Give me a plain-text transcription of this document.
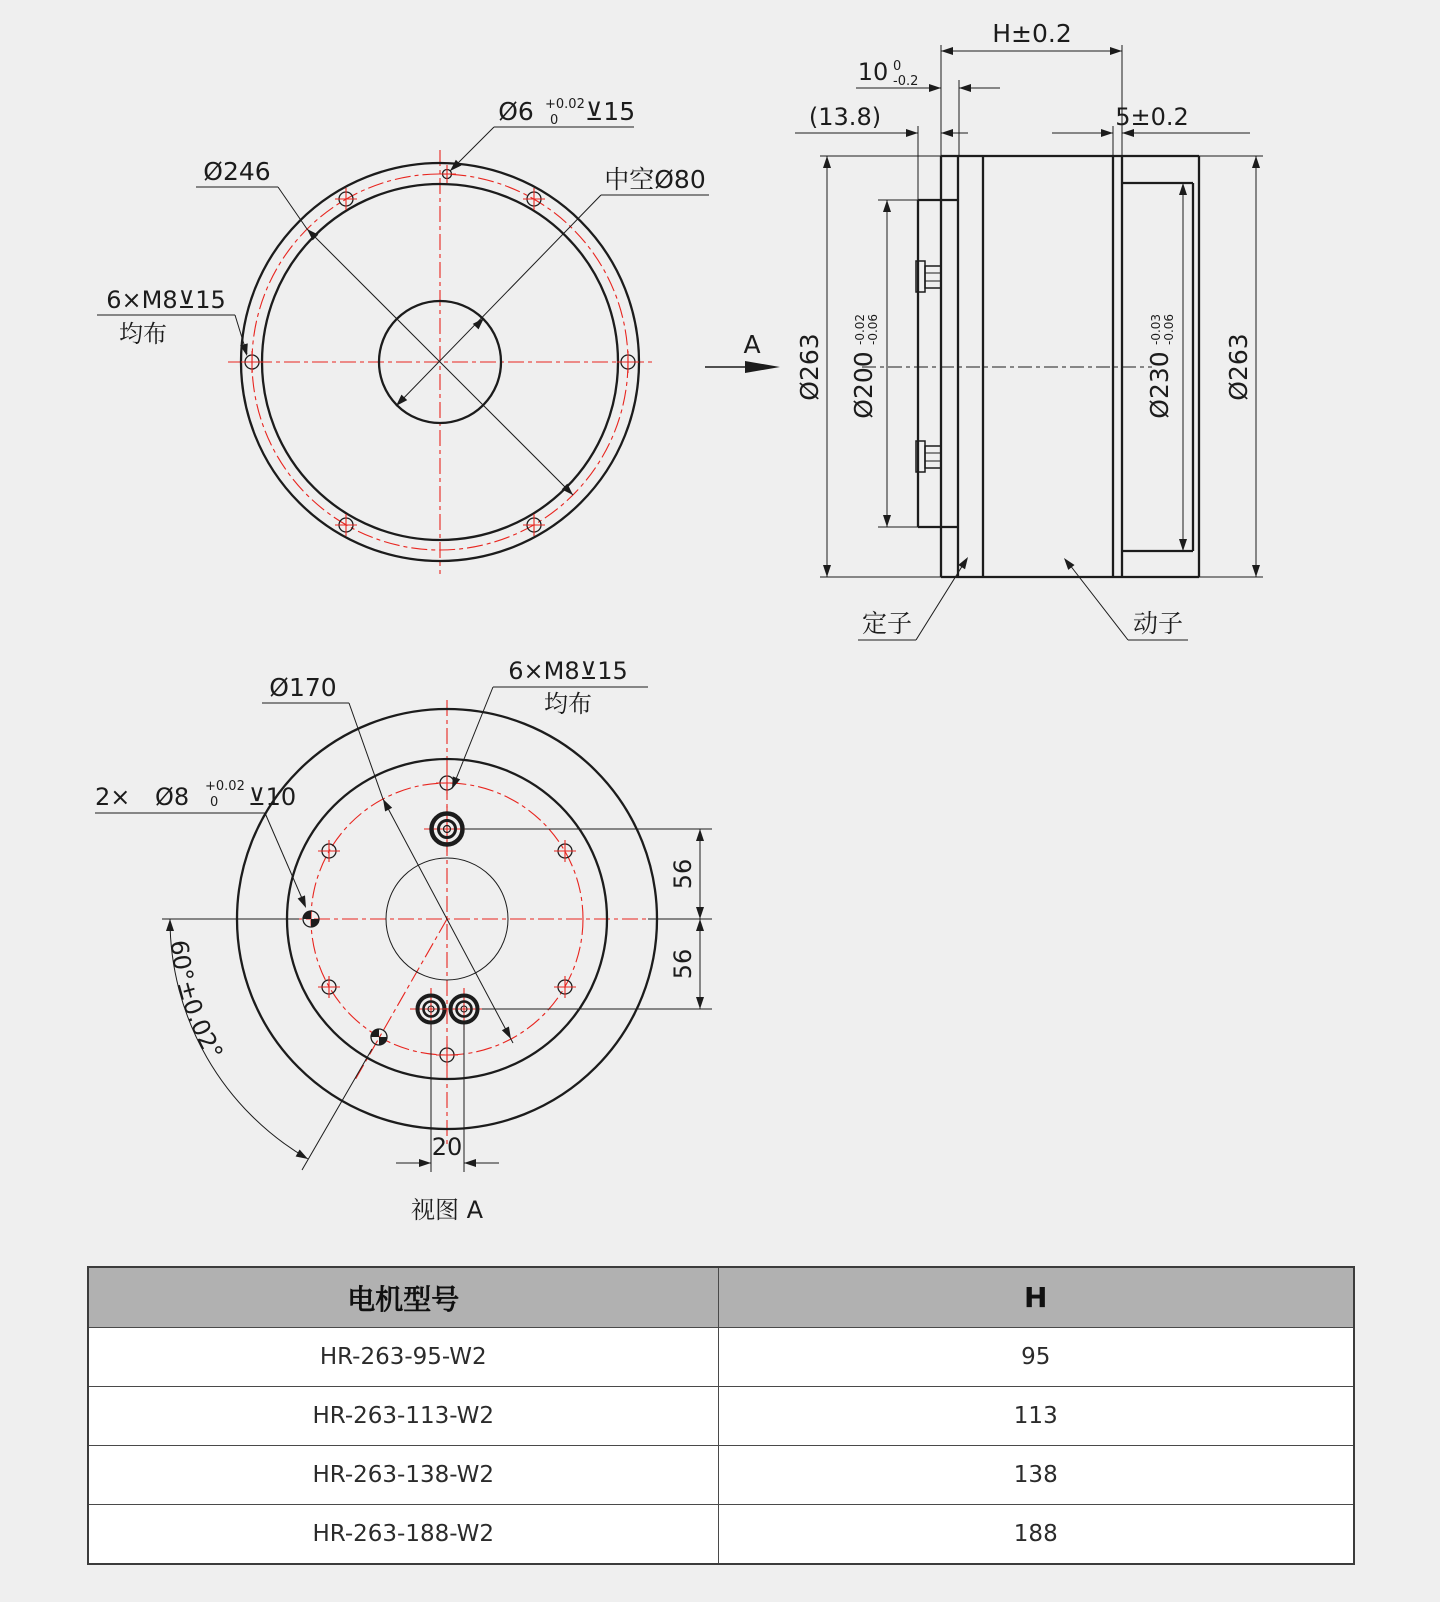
Ø246	中空Ø80
Ø6 +0.02
0 ⊻15
6×M8⊻15
均布	A
H±0.2
10 0
-0.2
(13.8)	5±0.2
Ø263 Ø200
-0.02 -0.06
Ø230
-0.03 -0.06
Ø263
定子	动子
Ø170
6×M8⊻15
均布
2× Ø8 +0.02
0 ⊻10
56
56
20
60°±0.02°
视图 A
电机型号	H
HR-263-95-W2	95
HR-263-113-W2	113
HR-263-138-W2	138
HR-263-188-W2	188
